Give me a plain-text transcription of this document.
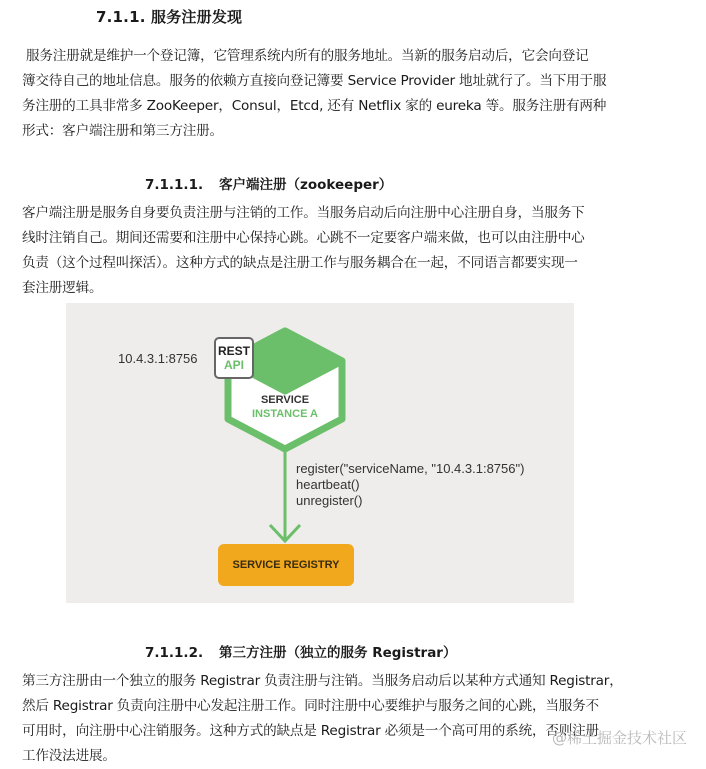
7.1.1. 服务注册发现

服务注册就是维护一个登记簿，它管理系统内所有的服务地址。当新的服务启动后，它会向登记
簿交待自己的地址信息。服务的依赖方直接向登记簿要 Service Provider 地址就行了。当下用于服
务注册的工具非常多 ZooKeeper，Consul，Etcd, 还有 Netflix 家的 eureka 等。服务注册有两种
形式：客户端注册和第三方注册。

7.1.1.1. 客户端注册（zookeeper）

客户端注册是服务自身要负责注册与注销的工作。当服务启动后向注册中心注册自身，当服务下
线时注销自己。期间还需要和注册中心保持心跳。心跳不一定要客户端来做，也可以由注册中心
负责（这个过程叫探活）。这种方式的缺点是注册工作与服务耦合在一起，不同语言都要实现一
套注册逻辑。

10.4.3.1:8756 REST
API
SERVICE
INSTANCE A
register("serviceName, "10.4.3.1:8756")
heartbeat()
unregister()
SERVICE REGISTRY
7.1.1.2. 第三方注册（独立的服务 Registrar）

第三方注册由一个独立的服务 Registrar 负责注册与注销。当服务启动后以某种方式通知 Registrar，
然后 Registrar 负责向注册中心发起注册工作。同时注册中心要维护与服务之间的心跳，当服务不
可用时，向注册中心注销服务。这种方式的缺点是 Registrar 必须是一个高可用的系统，否则注册
工作没法进展。

@稀土掘金技术社区
